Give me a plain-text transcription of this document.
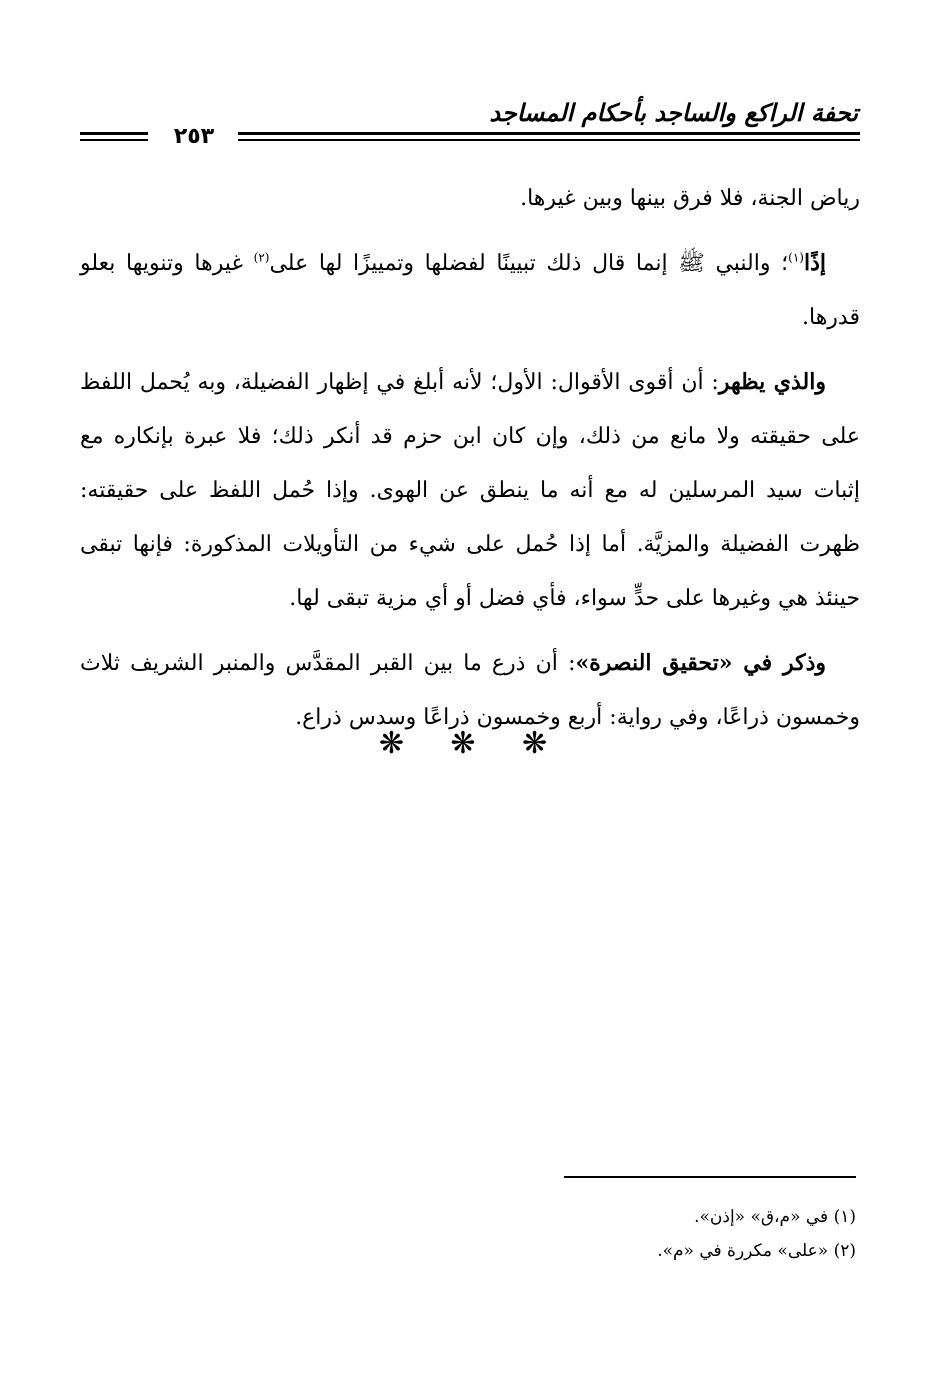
تحفة الراكع والساجد بأحكام المساجد
٢٥٣

رياض الجنة، فلا فرق بينها وبين غيرها.

إذًا$^{(١)}$؛ والنبي ﷺ إنما قال ذلك تبيينًا لفضلها وتمييزًا لها على$^{(٢)}$ غيرها وتنويها بعلو قدرها.

والذي يظهر: أن أقوى الأقوال: الأول؛ لأنه أبلغ في إظهار الفضيلة، وبه يُحمل اللفظ على حقيقته ولا مانع من ذلك، وإن كان ابن حزم قد أنكر ذلك؛ فلا عبرة بإنكاره مع إثبات سيد المرسلين له مع أنه ما ينطق عن الهوى. وإذا حُمل اللفظ على حقيقته: ظهرت الفضيلة والمزيَّة. أما إذا حُمل على شيء من التأويلات المذكورة: فإنها تبقى حينئذ هي وغيرها على حدٍّ سواء، فأي فضل أو أي مزية تبقى لها.

وذكر في «تحقيق النصرة»: أن ذرع ما بين القبر المقدَّس والمنبر الشريف ثلاث وخمسون ذراعًا، وفي رواية: أربع وخمسون ذراعًا وسدس ذراع.

❋ ❋ ❋
(١) في «م،ق» «إذن».
(٢) «على» مكررة في «م».
